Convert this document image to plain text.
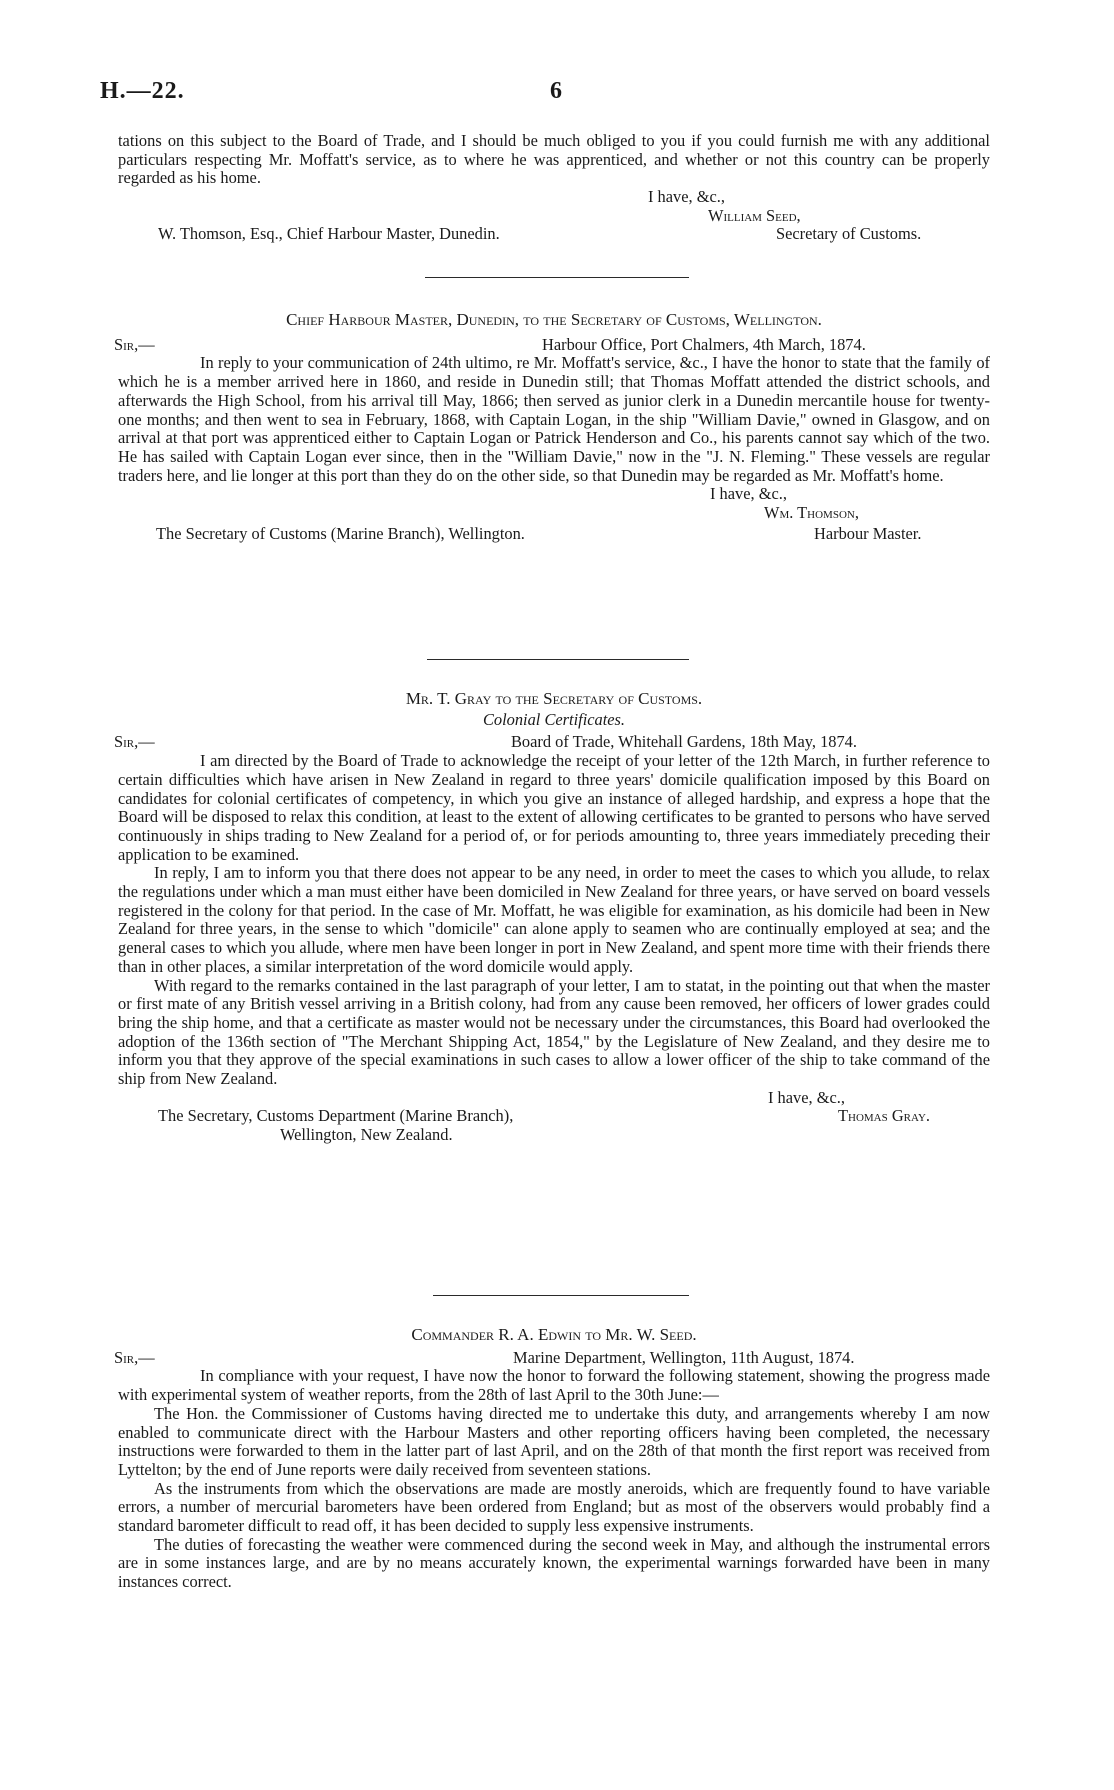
H.—22.	6

tations on this subject to the Board of Trade, and I should be much obliged to you if you could furnish me with any additional particulars respecting Mr. Moffatt's service, as to where he was apprenticed, and whether or not this country can be properly regarded as his home.

I have, &c.,
William Seed,
W. Thomson, Esq., Chief Harbour Master, Dunedin.	Secretary of Customs.
Chief Harbour Master, Dunedin, to the Secretary of Customs, Wellington.
Sir,—	Harbour Office, Port Chalmers, 4th March, 1874.

In reply to your communication of 24th ultimo, re Mr. Moffatt's service, &c., I have the honor to state that the family of which he is a member arrived here in 1860, and reside in Dunedin still; that Thomas Moffatt attended the district schools, and afterwards the High School, from his arrival till May, 1866; then served as junior clerk in a Dunedin mercantile house for twenty-one months; and then went to sea in February, 1868, with Captain Logan, in the ship "William Davie," owned in Glasgow, and on arrival at that port was apprenticed either to Captain Logan or Patrick Henderson and Co., his parents cannot say which of the two. He has sailed with Captain Logan ever since, then in the "William Davie," now in the "J. N. Fleming." These vessels are regular traders here, and lie longer at this port than they do on the other side, so that Dunedin may be regarded as Mr. Moffatt's home.

I have, &c.,
Wm. Thomson,
The Secretary of Customs (Marine Branch), Wellington.	Harbour Master.
Mr. T. Gray to the Secretary of Customs.
Colonial Certificates.
Sir,—	Board of Trade, Whitehall Gardens, 18th May, 1874.

I am directed by the Board of Trade to acknowledge the receipt of your letter of the 12th March, in further reference to certain difficulties which have arisen in New Zealand in regard to three years' domicile qualification imposed by this Board on candidates for colonial certificates of competency, in which you give an instance of alleged hardship, and express a hope that the Board will be disposed to relax this condition, at least to the extent of allowing certificates to be granted to persons who have served continuously in ships trading to New Zealand for a period of, or for periods amounting to, three years immediately preceding their application to be examined.

In reply, I am to inform you that there does not appear to be any need, in order to meet the cases to which you allude, to relax the regulations under which a man must either have been domiciled in New Zealand for three years, or have served on board vessels registered in the colony for that period. In the case of Mr. Moffatt, he was eligible for examination, as his domicile had been in New Zealand for three years, in the sense to which "domicile" can alone apply to seamen who are continually employed at sea; and the general cases to which you allude, where men have been longer in port in New Zealand, and spent more time with their friends there than in other places, a similar interpretation of the word domicile would apply.

With regard to the remarks contained in the last paragraph of your letter, I am to statat, in the pointing out that when the master or first mate of any British vessel arriving in a British colony, had from any cause been removed, her officers of lower grades could bring the ship home, and that a certificate as master would not be necessary under the circumstances, this Board had overlooked the adoption of the 136th section of "The Merchant Shipping Act, 1854," by the Legislature of New Zealand, and they desire me to inform you that they approve of the special examinations in such cases to allow a lower officer of the ship to take command of the ship from New Zealand.

I have, &c.,
The Secretary, Customs Department (Marine Branch),	Thomas Gray.
Wellington, New Zealand.
Commander R. A. Edwin to Mr. W. Seed.
Sir,—	Marine Department, Wellington, 11th August, 1874.

In compliance with your request, I have now the honor to forward the following statement, showing the progress made with experimental system of weather reports, from the 28th of last April to the 30th June:—

The Hon. the Commissioner of Customs having directed me to undertake this duty, and arrangements whereby I am now enabled to communicate direct with the Harbour Masters and other reporting officers having been completed, the necessary instructions were forwarded to them in the latter part of last April, and on the 28th of that month the first report was received from Lyttelton; by the end of June reports were daily received from seventeen stations.

As the instruments from which the observations are made are mostly aneroids, which are frequently found to have variable errors, a number of mercurial barometers have been ordered from England; but as most of the observers would probably find a standard barometer difficult to read off, it has been decided to supply less expensive instruments.

The duties of forecasting the weather were commenced during the second week in May, and although the instrumental errors are in some instances large, and are by no means accurately known, the experimental warnings forwarded have been in many instances correct.
